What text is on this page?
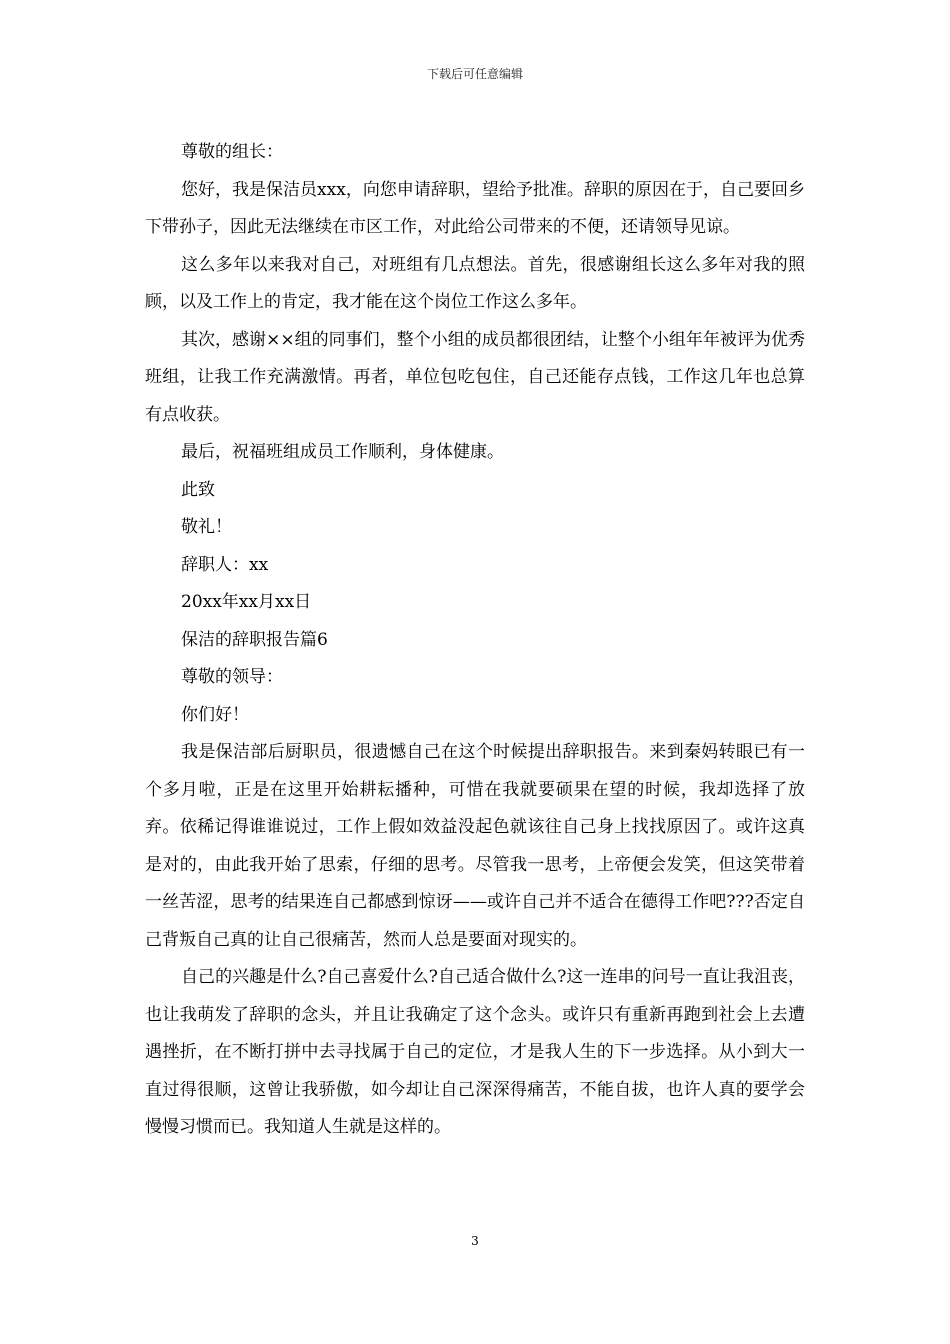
下载后可任意编辑

尊敬的组长：

您好，我是保洁员xxx，向您申请辞职，望给予批准。辞职的原因在于，自己要回乡下带孙子，因此无法继续在市区工作，对此给公司带来的不便，还请领导见谅。

这么多年以来我对自己，对班组有几点想法。首先，很感谢组长这么多年对我的照顾，以及工作上的肯定，我才能在这个岗位工作这么多年。

其次，感谢××组的同事们，整个小组的成员都很团结，让整个小组年年被评为优秀班组，让我工作充满激情。再者，单位包吃包住，自己还能存点钱，工作这几年也总算有点收获。

最后，祝福班组成员工作顺利，身体健康。

此致

敬礼！

辞职人：xx

20xx年xx月xx日

保洁的辞职报告篇6

尊敬的领导：

你们好！

我是保洁部后厨职员，很遗憾自己在这个时候提出辞职报告。来到秦妈转眼已有一个多月啦，正是在这里开始耕耘播种，可惜在我就要硕果在望的时候，我却选择了放弃。依稀记得谁谁说过，工作上假如效益没起色就该往自己身上找找原因了。或许这真是对的，由此我开始了思索，仔细的思考。尽管我一思考，上帝便会发笑，但这笑带着一丝苦涩，思考的结果连自己都感到惊讶——或许自己并不适合在德得工作吧???否定自己背叛自己真的让自己很痛苦，然而人总是要面对现实的。

自己的兴趣是什么?自己喜爱什么?自己适合做什么?这一连串的问号一直让我沮丧，也让我萌发了辞职的念头，并且让我确定了这个念头。或许只有重新再跑到社会上去遭遇挫折，在不断打拼中去寻找属于自己的定位，才是我人生的下一步选择。从小到大一直过得很顺，这曾让我骄傲，如今却让自己深深得痛苦，不能自拔，也许人真的要学会慢慢习惯而已。我知道人生就是这样的。

3
